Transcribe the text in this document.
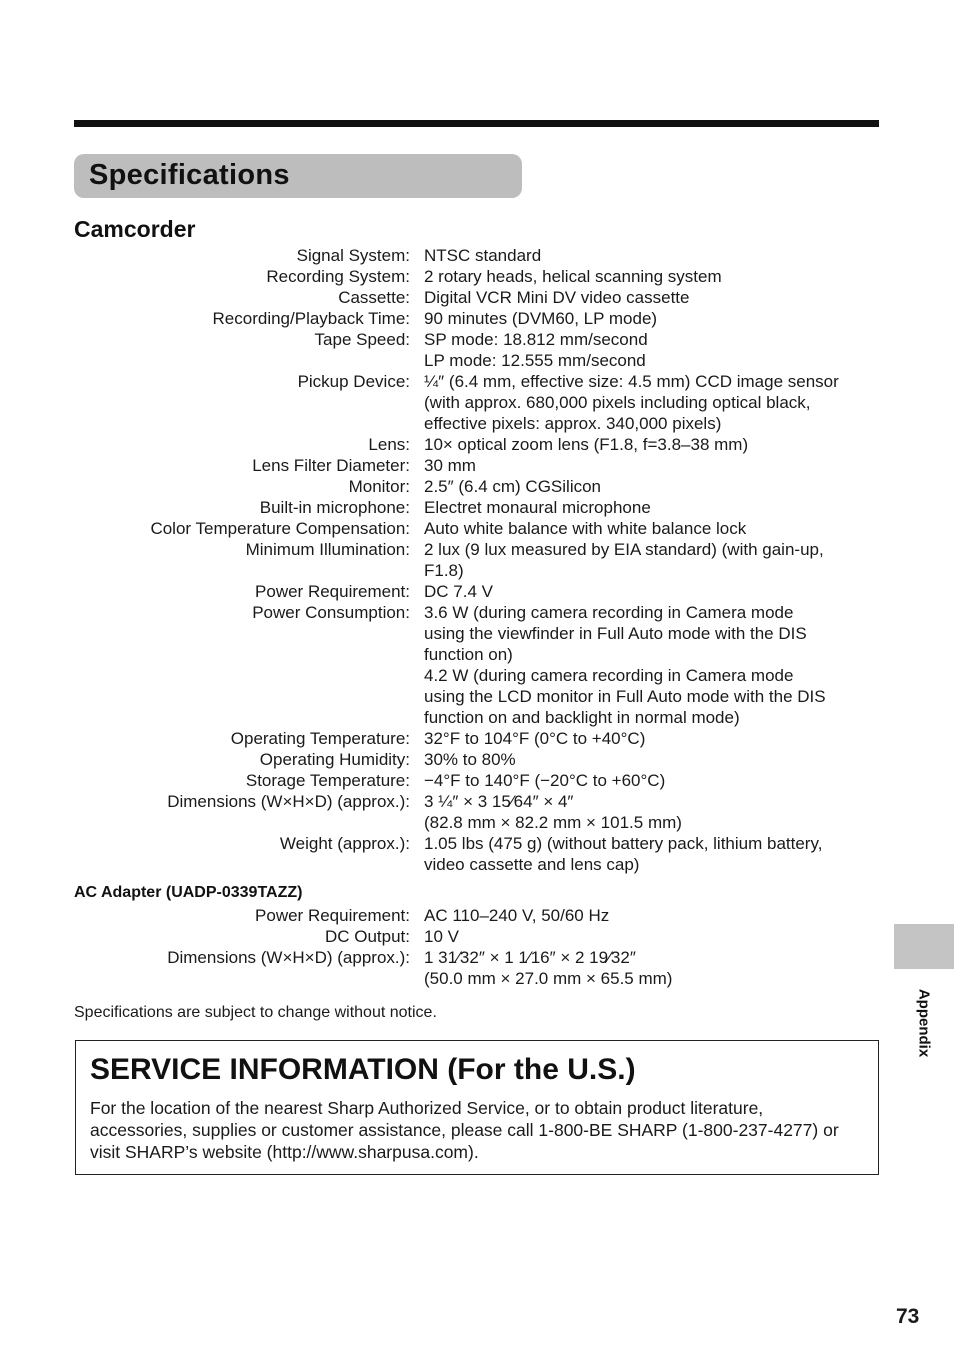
Specifications
Camcorder
Signal System: NTSC standard
Recording System: 2 rotary heads, helical scanning system
Cassette: Digital VCR Mini DV video cassette
Recording/Playback Time: 90 minutes (DVM60, LP mode)
Tape Speed: SP mode: 18.812 mm/second
LP mode: 12.555 mm/second
Pickup Device: ¼″ (6.4 mm, effective size: 4.5 mm) CCD image sensor
(with approx. 680,000 pixels including optical black,
effective pixels: approx. 340,000 pixels)
Lens: 10× optical zoom lens (F1.8, f=3.8–38 mm)
Lens Filter Diameter: 30 mm
Monitor: 2.5″ (6.4 cm) CGSilicon
Built-in microphone: Electret monaural microphone
Color Temperature Compensation: Auto white balance with white balance lock
Minimum Illumination: 2 lux (9 lux measured by EIA standard) (with gain-up,
F1.8)
Power Requirement: DC 7.4 V
Power Consumption: 3.6 W (during camera recording in Camera mode
using the viewfinder in Full Auto mode with the DIS
function on)
4.2 W (during camera recording in Camera mode
using the LCD monitor in Full Auto mode with the DIS
function on and backlight in normal mode)
Operating Temperature: 32°F to 104°F (0°C to +40°C)
Operating Humidity: 30% to 80%
Storage Temperature: −4°F to 140°F (−20°C to +60°C)
Dimensions (W×H×D) (approx.): 3 ¼″ × 3 15⁄64″ × 4″
(82.8 mm × 82.2 mm × 101.5 mm)
Weight (approx.): 1.05 lbs (475 g) (without battery pack, lithium battery,
video cassette and lens cap)
AC Adapter (UADP-0339TAZZ)
Power Requirement: AC 110–240 V, 50/60 Hz
DC Output: 10 V
Dimensions (W×H×D) (approx.): 1 31⁄32″ × 1 1⁄16″ × 2 19⁄32″
(50.0 mm × 27.0 mm × 65.5 mm)

Specifications are subject to change without notice.

SERVICE INFORMATION (For the U.S.)

For the location of the nearest Sharp Authorized Service, or to obtain product literature, accessories, supplies or customer assistance, please call 1-800-BE SHARP (1-800-237-4277) or visit SHARP’s website (http://www.sharpusa.com).

Appendix

73
